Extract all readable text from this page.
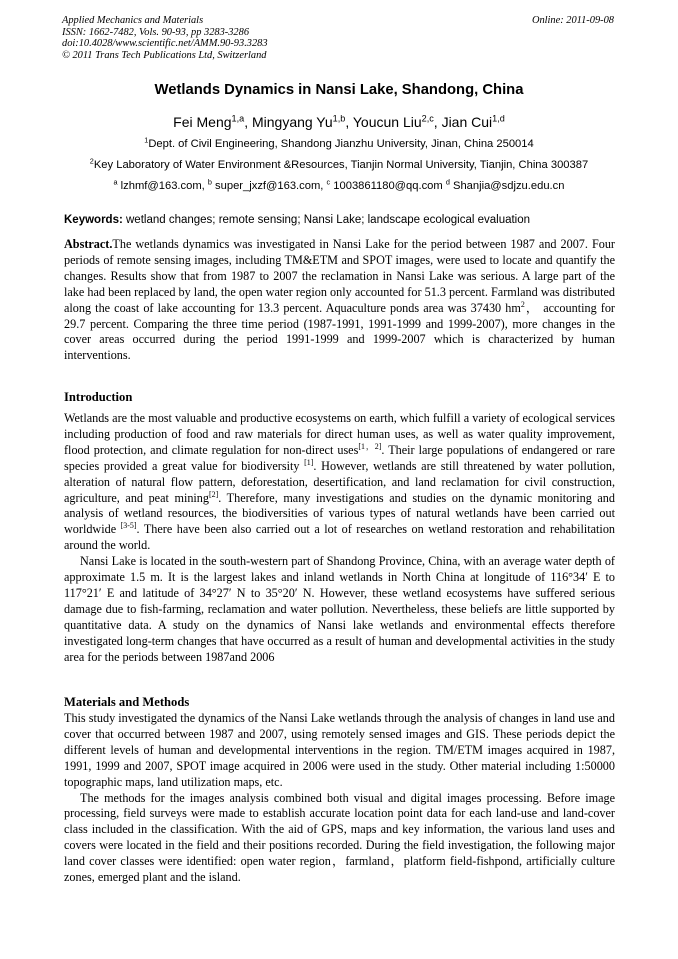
Applied Mechanics and Materials
ISSN: 1662-7482, Vols. 90-93, pp 3283-3286
doi:10.4028/www.scientific.net/AMM.90-93.3283
© 2011 Trans Tech Publications Ltd, Switzerland
Online: 2011-09-08
Wetlands Dynamics in Nansi Lake, Shandong, China
Fei Meng$^{1,a}$, Mingyang Yu$^{1,b}$, Youcun Liu$^{2,c}$, Jian Cui$^{1,d}$
$^1$Dept. of Civil Engineering, Shandong Jianzhu University, Jinan, China 250014
$^2$Key Laboratory of Water Environment &Resources, Tianjin Normal University, Tianjin, China 300387
$^a$ lzhmf@163.com, $^b$ super_jxzf@163.com, $^c$ 1003861180@qq.com $^d$ Shanjia@sdjzu.edu.cn
Keywords: wetland changes; remote sensing; Nansi Lake; landscape ecological evaluation

Abstract.The wetlands dynamics was investigated in Nansi Lake for the period between 1987 and 2007. Four periods of remote sensing images, including TM&ETM and SPOT images, were used to locate and quantify the changes. Results show that from 1987 to 2007 the reclamation in Nansi Lake was serious. A large part of the lake had been replaced by land, the open water region only accounted for 51.3 percent. Farmland was distributed along the coast of lake accounting for 13.3 percent. Aquaculture ponds area was 37430 $hm^2$， accounting for 29.7 percent. Comparing the three time period (1987-1991, 1991-1999 and 1999-2007), more changes in the cover areas occurred during the period 1991-1999 and 1999-2007 which is characterized by human interventions.

Introduction

Wetlands are the most valuable and productive ecosystems on earth, which fulfill a variety of ecological services including production of food and raw materials for direct human uses, as well as water quality improvement, flood protection, and climate regulation for non-direct uses[1，2]. Their large populations of endangered or rare species provided a great value for biodiversity [1]. However, wetlands are still threatened by water pollution, alteration of natural flow pattern, deforestation, desertification, and land reclamation for civil construction, agriculture, and peat mining[2]. Therefore, many investigations and studies on the dynamic monitoring and analysis of wetland resources, the biodiversities of various types of natural wetlands have been carried out worldwide [3-5]. There have been also carried out a lot of researches on wetland restoration and rehabilitation around the world.

Nansi Lake is located in the south-western part of Shandong Province, China, with an average water depth of approximate 1.5 m. It is the largest lakes and inland wetlands in North China at longitude of 116°34′ E to 117°21′ E and latitude of 34°27′ N to 35°20′ N. However, these wetland ecosystems have suffered serious damage due to fish-farming, reclamation and water pollution. Nevertheless, these beliefs are little supported by quantitative data. A study on the dynamics of Nansi lake wetlands and environmental effects therefore investigated long-term changes that have occurred as a result of human and developmental activities in the study area for the periods between 1987and 2006

Materials and Methods

This study investigated the dynamics of the Nansi Lake wetlands through the analysis of changes in land use and cover that occurred between 1987 and 2007, using remotely sensed images and GIS. These periods depict the different levels of human and developmental interventions in the region. TM/ETM images acquired in 1987, 1991, 1999 and 2007, SPOT image acquired in 2006 were used in the study. Other material including 1:50000 topographic maps, land utilization maps, etc.

The methods for the images analysis combined both visual and digital images processing. Before image processing, field surveys were made to establish accurate location point data for each land-use and land-cover class included in the classification. With the aid of GPS, maps and key information, the various land uses and covers were located in the field and their positions recorded. During the field investigation, the following major land cover classes were identified: open water region，farmland，platform field-fishpond, artificially culture zones, emerged plant and the island.
